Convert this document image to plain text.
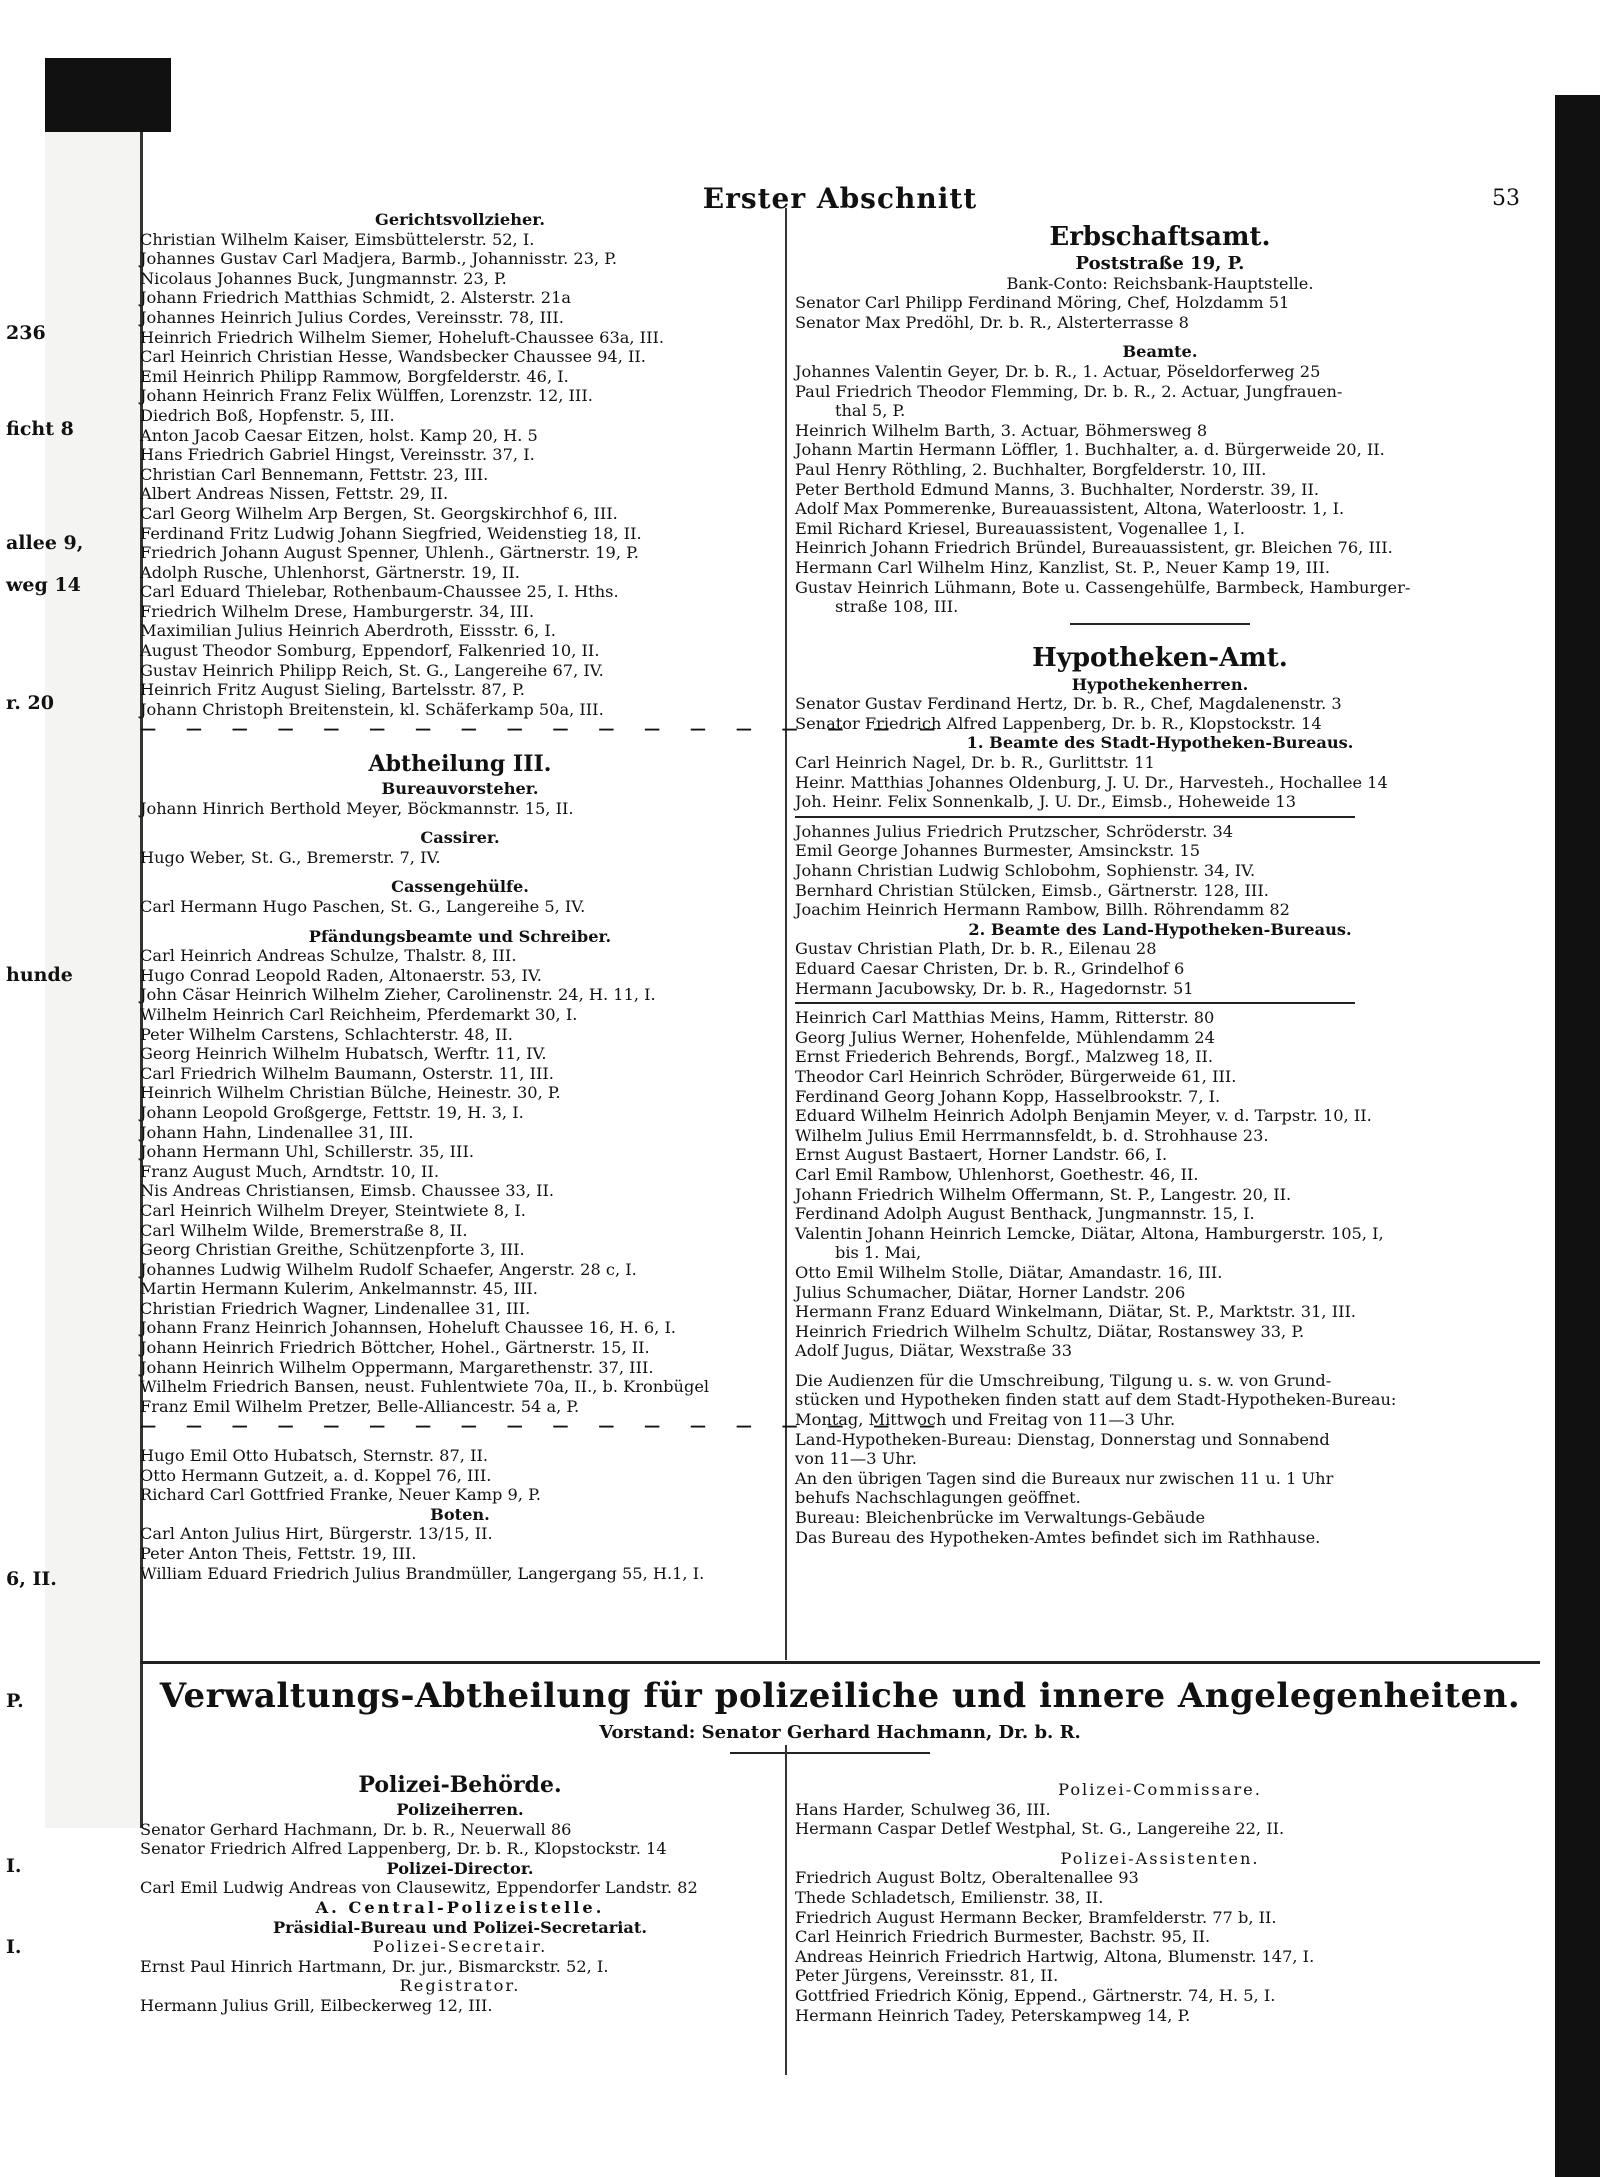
236
ficht 8
allee 9,
weg 14
r. 20
hunde
6, II.
P.
I.
I.
Erster Abschnitt	53
Gerichtsvollzieher.
Christian Wilhelm Kaiser, Eimsbüttelerstr. 52, I.
Johannes Gustav Carl Madjera, Barmb., Johannisstr. 23, P.
Nicolaus Johannes Buck, Jungmannstr. 23, P.
Johann Friedrich Matthias Schmidt, 2. Alsterstr. 21a
Johannes Heinrich Julius Cordes, Vereinsstr. 78, III.
Heinrich Friedrich Wilhelm Siemer, Hoheluft-Chaussee 63a, III.
Carl Heinrich Christian Hesse, Wandsbecker Chaussee 94, II.
Emil Heinrich Philipp Rammow, Borgfelderstr. 46, I.
Johann Heinrich Franz Felix Wülffen, Lorenzstr. 12, III.
Diedrich Boß, Hopfenstr. 5, III.
Anton Jacob Caesar Eitzen, holst. Kamp 20, H. 5
Hans Friedrich Gabriel Hingst, Vereinsstr. 37, I.
Christian Carl Bennemann, Fettstr. 23, III.
Albert Andreas Nissen, Fettstr. 29, II.
Carl Georg Wilhelm Arp Bergen, St. Georgskirchhof 6, III.
Ferdinand Fritz Ludwig Johann Siegfried, Weidenstieg 18, II.
Friedrich Johann August Spenner, Uhlenh., Gärtnerstr. 19, P.
Adolph Rusche, Uhlenhorst, Gärtnerstr. 19, II.
Carl Eduard Thielebar, Rothenbaum-Chaussee 25, I. Hths.
Friedrich Wilhelm Drese, Hamburgerstr. 34, III.
Maximilian Julius Heinrich Aberdroth, Eissstr. 6, I.
August Theodor Somburg, Eppendorf, Falkenried 10, II.
Gustav Heinrich Philipp Reich, St. G., Langereihe 67, IV.
Heinrich Fritz August Sieling, Bartelsstr. 87, P.
Johann Christoph Breitenstein, kl. Schäferkamp 50a, III.
— — — — — — — — — — — — — — — — — —
Abtheilung III.
Bureauvorsteher.
Johann Hinrich Berthold Meyer, Böckmannstr. 15, II.
Cassirer.
Hugo Weber, St. G., Bremerstr. 7, IV.
Cassengehülfe.
Carl Hermann Hugo Paschen, St. G., Langereihe 5, IV.
Pfändungsbeamte und Schreiber.
Carl Heinrich Andreas Schulze, Thalstr. 8, III.
Hugo Conrad Leopold Raden, Altonaerstr. 53, IV.
John Cäsar Heinrich Wilhelm Zieher, Carolinenstr. 24, H. 11, I.
Wilhelm Heinrich Carl Reichheim, Pferdemarkt 30, I.
Peter Wilhelm Carstens, Schlachterstr. 48, II.
Georg Heinrich Wilhelm Hubatsch, Werftr. 11, IV.
Carl Friedrich Wilhelm Baumann, Osterstr. 11, III.
Heinrich Wilhelm Christian Bülche, Heinestr. 30, P.
Johann Leopold Großgerge, Fettstr. 19, H. 3, I.
Johann Hahn, Lindenallee 31, III.
Johann Hermann Uhl, Schillerstr. 35, III.
Franz August Much, Arndtstr. 10, II.
Nis Andreas Christiansen, Eimsb. Chaussee 33, II.
Carl Heinrich Wilhelm Dreyer, Steintwiete 8, I.
Carl Wilhelm Wilde, Bremerstraße 8, II.
Georg Christian Greithe, Schützenpforte 3, III.
Johannes Ludwig Wilhelm Rudolf Schaefer, Angerstr. 28 c, I.
Martin Hermann Kulerim, Ankelmannstr. 45, III.
Christian Friedrich Wagner, Lindenallee 31, III.
Johann Franz Heinrich Johannsen, Hoheluft Chaussee 16, H. 6, I.
Johann Heinrich Friedrich Böttcher, Hohel., Gärtnerstr. 15, II.
Johann Heinrich Wilhelm Oppermann, Margarethenstr. 37, III.
Wilhelm Friedrich Bansen, neust. Fuhlentwiete 70a, II., b. Kronbügel
Franz Emil Wilhelm Pretzer, Belle-Alliancestr. 54 a, P.
— — — — — — — — — — — — — — — — — —
Hugo Emil Otto Hubatsch, Sternstr. 87, II.
Otto Hermann Gutzeit, a. d. Koppel 76, III.
Richard Carl Gottfried Franke, Neuer Kamp 9, P.
Boten.
Carl Anton Julius Hirt, Bürgerstr. 13/15, II.
Peter Anton Theis, Fettstr. 19, III.
William Eduard Friedrich Julius Brandmüller, Langergang 55, H.1, I.
Erbschaftsamt.
Poststraße 19, P.
Bank-Conto: Reichsbank-Hauptstelle.
Senator Carl Philipp Ferdinand Möring, Chef, Holzdamm 51
Senator Max Predöhl, Dr. b. R., Alsterterrasse 8
Beamte.
Johannes Valentin Geyer, Dr. b. R., 1. Actuar, Pöseldorferweg 25
Paul Friedrich Theodor Flemming, Dr. b. R., 2. Actuar, Jungfrauen-
thal 5, P.
Heinrich Wilhelm Barth, 3. Actuar, Böhmersweg 8
Johann Martin Hermann Löffler, 1. Buchhalter, a. d. Bürgerweide 20, II.
Paul Henry Röthling, 2. Buchhalter, Borgfelderstr. 10, III.
Peter Berthold Edmund Manns, 3. Buchhalter, Norderstr. 39, II.
Adolf Max Pommerenke, Bureauassistent, Altona, Waterloostr. 1, I.
Emil Richard Kriesel, Bureauassistent, Vogenallee 1, I.
Heinrich Johann Friedrich Bründel, Bureauassistent, gr. Bleichen 76, III.
Hermann Carl Wilhelm Hinz, Kanzlist, St. P., Neuer Kamp 19, III.
Gustav Heinrich Lühmann, Bote u. Cassengehülfe, Barmbeck, Hamburger-
straße 108, III.
Hypotheken-Amt.
Hypothekenherren.
Senator Gustav Ferdinand Hertz, Dr. b. R., Chef, Magdalenenstr. 3
Senator Friedrich Alfred Lappenberg, Dr. b. R., Klopstockstr. 14
1. Beamte des Stadt-Hypotheken-Bureaus.
Carl Heinrich Nagel, Dr. b. R., Gurlittstr. 11
Heinr. Matthias Johannes Oldenburg, J. U. Dr., Harvesteh., Hochallee 14
Joh. Heinr. Felix Sonnenkalb, J. U. Dr., Eimsb., Hoheweide 13
Johannes Julius Friedrich Prutzscher, Schröderstr. 34
Emil George Johannes Burmester, Amsinckstr. 15
Johann Christian Ludwig Schlobohm, Sophienstr. 34, IV.
Bernhard Christian Stülcken, Eimsb., Gärtnerstr. 128, III.
Joachim Heinrich Hermann Rambow, Billh. Röhrendamm 82
2. Beamte des Land-Hypotheken-Bureaus.
Gustav Christian Plath, Dr. b. R., Eilenau 28
Eduard Caesar Christen, Dr. b. R., Grindelhof 6
Hermann Jacubowsky, Dr. b. R., Hagedornstr. 51
Heinrich Carl Matthias Meins, Hamm, Ritterstr. 80
Georg Julius Werner, Hohenfelde, Mühlendamm 24
Ernst Friederich Behrends, Borgf., Malzweg 18, II.
Theodor Carl Heinrich Schröder, Bürgerweide 61, III.
Ferdinand Georg Johann Kopp, Hasselbrookstr. 7, I.
Eduard Wilhelm Heinrich Adolph Benjamin Meyer, v. d. Tarpstr. 10, II.
Wilhelm Julius Emil Herrmannsfeldt, b. d. Strohhause 23.
Ernst August Bastaert, Horner Landstr. 66, I.
Carl Emil Rambow, Uhlenhorst, Goethestr. 46, II.
Johann Friedrich Wilhelm Offermann, St. P., Langestr. 20, II.
Ferdinand Adolph August Benthack, Jungmannstr. 15, I.
Valentin Johann Heinrich Lemcke, Diätar, Altona, Hamburgerstr. 105, I,
bis 1. Mai,
Otto Emil Wilhelm Stolle, Diätar, Amandastr. 16, III.
Julius Schumacher, Diätar, Horner Landstr. 206
Hermann Franz Eduard Winkelmann, Diätar, St. P., Marktstr. 31, III.
Heinrich Friedrich Wilhelm Schultz, Diätar, Rostanswey 33, P.
Adolf Jugus, Diätar, Wexstraße 33
Die Audienzen für die Umschreibung, Tilgung u. s. w. von Grund-
stücken und Hypotheken finden statt auf dem Stadt-Hypotheken-Bureau:
Montag, Mittwoch und Freitag von 11—3 Uhr.
Land-Hypotheken-Bureau: Dienstag, Donnerstag und Sonnabend
von 11—3 Uhr.
An den übrigen Tagen sind die Bureaux nur zwischen 11 u. 1 Uhr
behufs Nachschlagungen geöffnet.
Bureau: Bleichenbrücke im Verwaltungs-Gebäude
Das Bureau des Hypotheken-Amtes befindet sich im Rathhause.
Verwaltungs-Abtheilung für polizeiliche und innere Angelegenheiten.
Vorstand: Senator Gerhard Hachmann, Dr. b. R.
Polizei-Behörde.
Polizeiherren.
Senator Gerhard Hachmann, Dr. b. R., Neuerwall 86
Senator Friedrich Alfred Lappenberg, Dr. b. R., Klopstockstr. 14
Polizei-Director.
Carl Emil Ludwig Andreas von Clausewitz, Eppendorfer Landstr. 82
A. Central-Polizeistelle.
Präsidial-Bureau und Polizei-Secretariat.
Polizei-Secretair.
Ernst Paul Hinrich Hartmann, Dr. jur., Bismarckstr. 52, I.
Registrator.
Hermann Julius Grill, Eilbeckerweg 12, III.
Polizei-Commissare.
Hans Harder, Schulweg 36, III.
Hermann Caspar Detlef Westphal, St. G., Langereihe 22, II.
Polizei-Assistenten.
Friedrich August Boltz, Oberaltenallee 93
Thede Schladetsch, Emilienstr. 38, II.
Friedrich August Hermann Becker, Bramfelderstr. 77 b, II.
Carl Heinrich Friedrich Burmester, Bachstr. 95, II.
Andreas Heinrich Friedrich Hartwig, Altona, Blumenstr. 147, I.
Peter Jürgens, Vereinsstr. 81, II.
Gottfried Friedrich König, Eppend., Gärtnerstr. 74, H. 5, I.
Hermann Heinrich Tadey, Peterskampweg 14, P.
